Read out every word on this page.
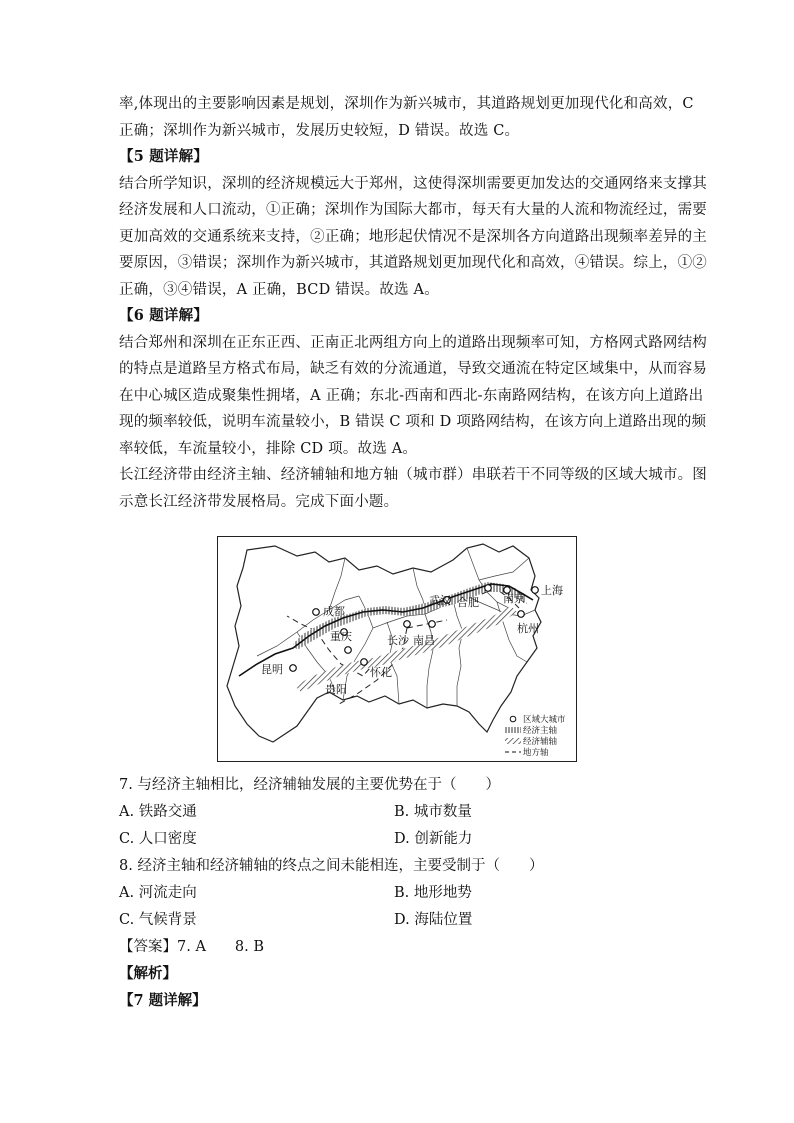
率,体现出的主要影响因素是规划，深圳作为新兴城市，其道路规划更加现代化和高效，C
正确；深圳作为新兴城市，发展历史较短，D 错误。故选 C。
【5 题详解】
结合所学知识，深圳的经济规模远大于郑州，这使得深圳需要更加发达的交通网络来支撑其
经济发展和人口流动，①正确；深圳作为国际大都市，每天有大量的人流和物流经过，需要
更加高效的交通系统来支持，②正确；地形起伏情况不是深圳各方向道路出现频率差异的主
要原因，③错误；深圳作为新兴城市，其道路规划更加现代化和高效，④错误。综上，①②
正确，③④错误，A 正确，BCD 错误。故选 A。
【6 题详解】
结合郑州和深圳在正东正西、正南正北两组方向上的道路出现频率可知，方格网式路网结构
的特点是道路呈方格式布局，缺乏有效的分流通道，导致交通流在特定区域集中，从而容易
在中心城区造成聚集性拥堵，A 正确；东北-西南和西北-东南路网结构，在该方向上道路出
现的频率较低，说明车流量较小，B 错误 C 项和 D 项路网结构，在该方向上道路出现的频
率较低，车流量较小，排除 CD 项。故选 A。
长江经济带由经济主轴、经济辅轴和地方轴（城市群）串联若干不同等级的区域大城市。图
示意长江经济带发展格局。完成下面小题。
成都
重庆
昆明
贵阳
怀化
长沙 南昌
武汉 合肥 南京
上海
杭州
区域大城市
经济主轴
经济辅轴
地方轴
7. 与经济主轴相比，经济辅轴发展的主要优势在于（　　）
A. 铁路交通	B. 城市数量
C. 人口密度	D. 创新能力
8. 经济主轴和经济辅轴的终点之间未能相连，主要受制于（　　）
A. 河流走向	B. 地形地势
C. 气候背景	D. 海陆位置
【答案】7. A　　8. B
【解析】
【7 题详解】
